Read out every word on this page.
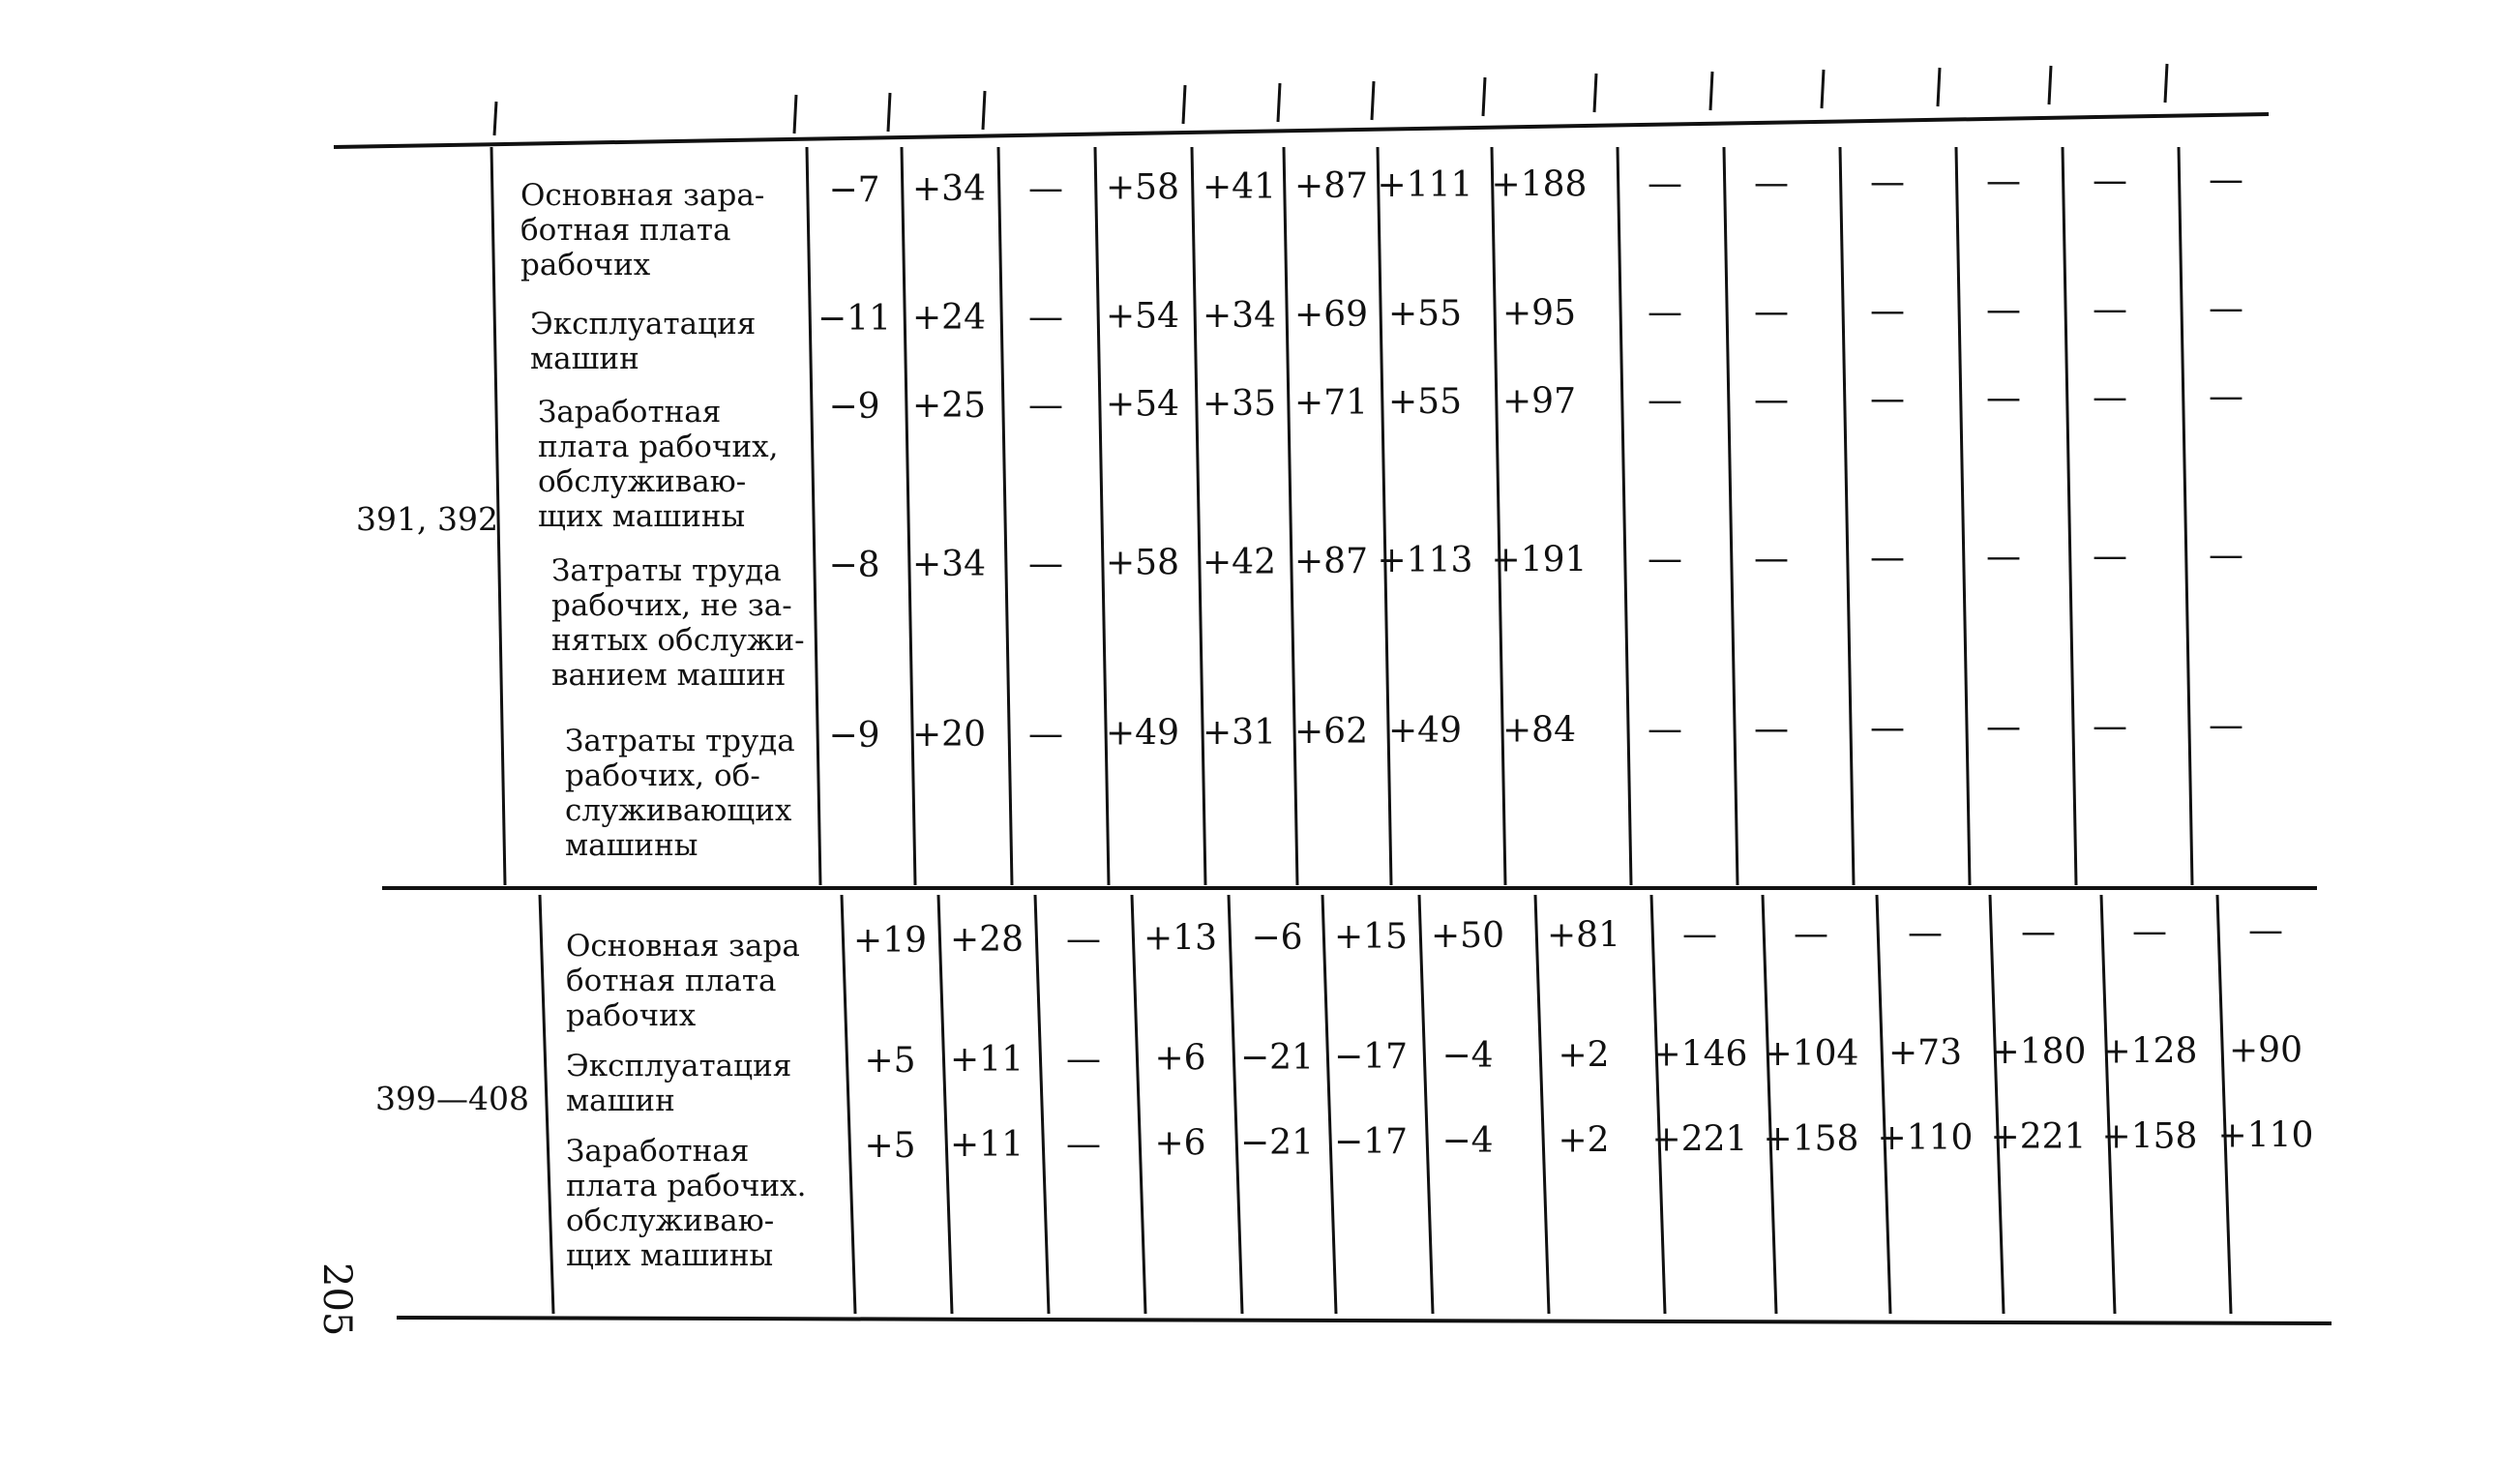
Основная зара-
ботная плата
рабочих
Эксплуатация
машин
Заработная
плата рабочих,
обслуживаю-
щих машины
Затраты труда
рабочих, не за-
нятых обслужи-
ванием машин
Затраты труда
рабочих, об-
служивающих
машины
Основная зара
ботная плата
рабочих
Эксплуатация
машин
Заработная
плата рабочих.
обслуживаю-
щих машины
391, 392
399—408
−7 +34 — +58 +41 +87 +111 +188 — — — — — —
−11 +24 — +54 +34 +69 +55 +95 — — — — — —
−9 +25 — +54 +35 +71 +55 +97 — — — — — —
−8 +34 — +58 +42 +87 +113 +191 — — — — — —
−9 +20 — +49 +31 +62 +49 +84 — — — — — —
+19 +28 — +13 −6 +15 +50 +81 — — — — — —
+5 +11 — +6 −21 −17 −4 +2 +146 +104 +73 +180 +128 +90
+5 +11 — +6 −21 −17 −4 +2 +221 +158 +110 +221 +158 +110
205
